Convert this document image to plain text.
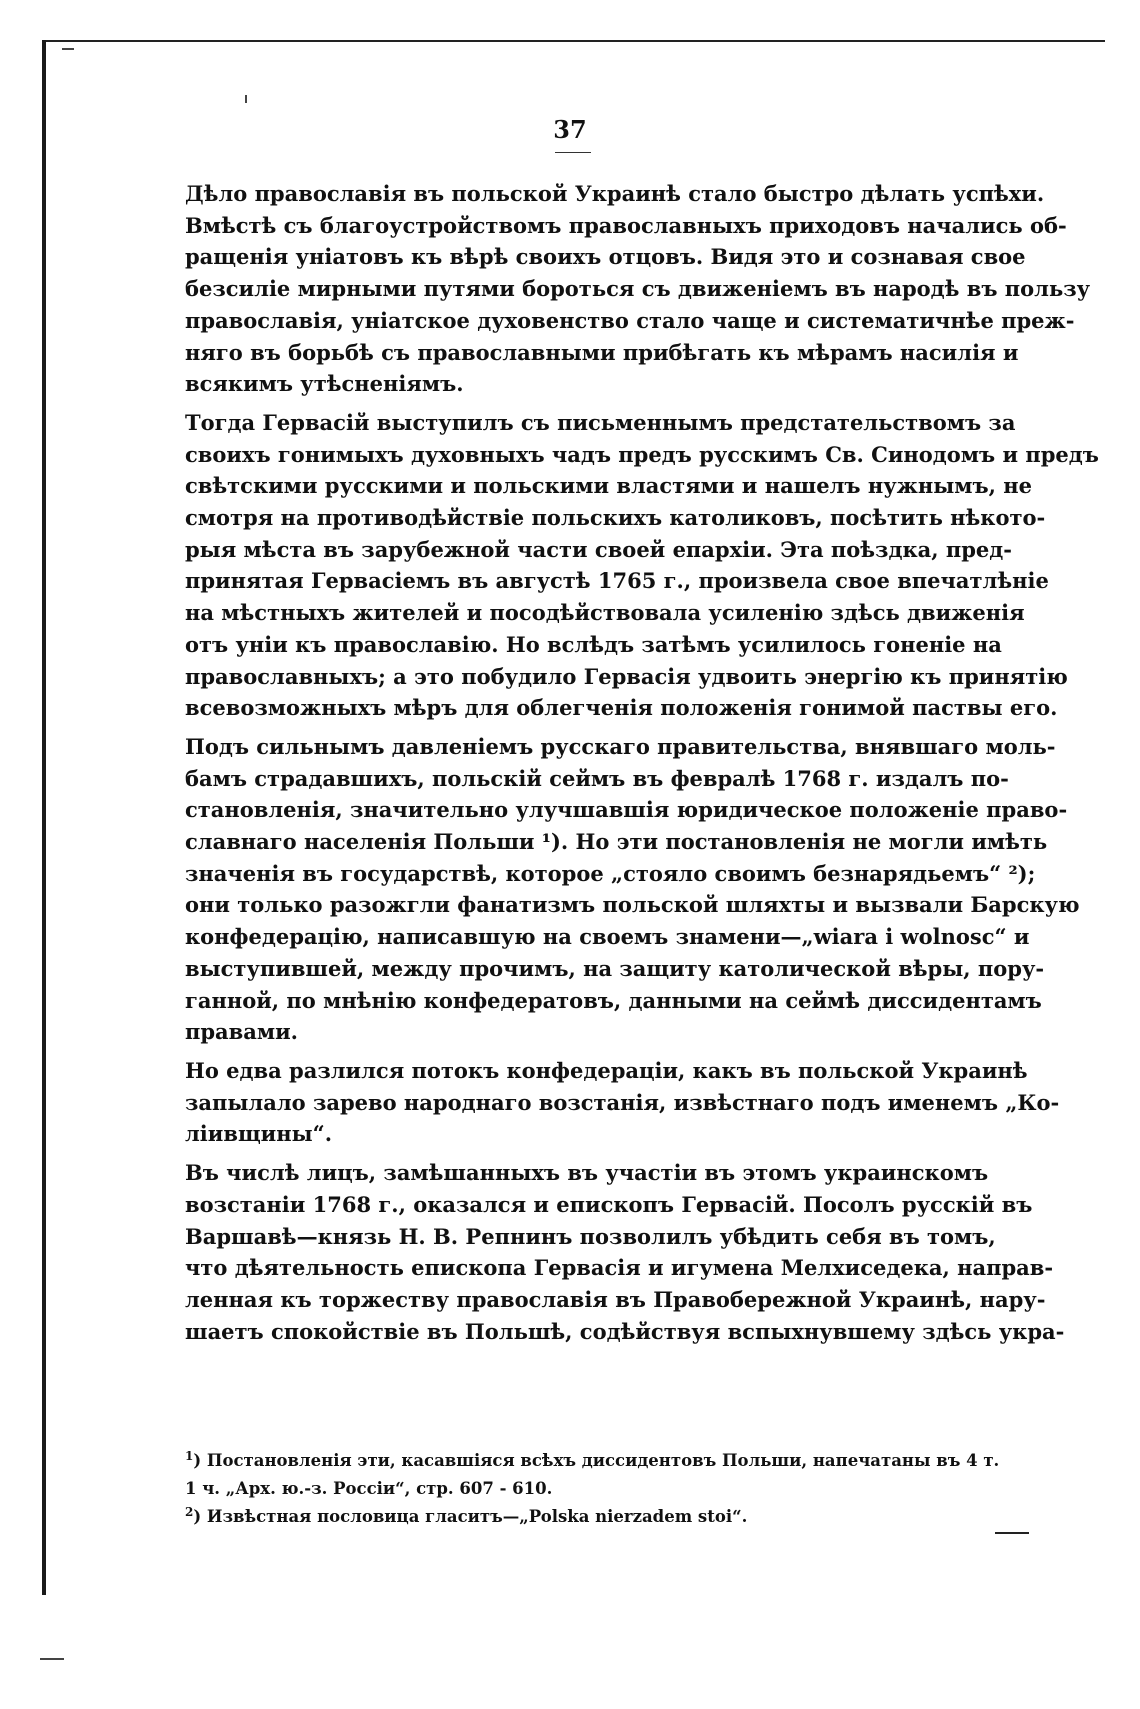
37
Дѣло православія въ польской Украинѣ стало быстро дѣлать успѣхи.
Вмѣстѣ съ благоустройствомъ православныхъ приходовъ начались об-
ращенія уніатовъ къ вѣрѣ своихъ отцовъ. Видя это и сознавая свое
безсиліе мирными путями бороться съ движеніемъ въ народѣ въ пользу
православія, уніатское духовенство стало чаще и систематичнѣе преж-
няго въ борьбѣ съ православными прибѣгать къ мѣрамъ насилія и
всякимъ утѣсненіямъ.
Тогда Гервасій выступилъ съ письменнымъ предстательствомъ за
своихъ гонимыхъ духовныхъ чадъ предъ русскимъ Св. Синодомъ и предъ
свѣтскими русскими и польскими властями и нашелъ нужнымъ, не
смотря на противодѣйствіе польскихъ католиковъ, посѣтить нѣкото-
рыя мѣста въ зарубежной части своей епархіи. Эта поѣздка, пред-
принятая Гервасіемъ въ августѣ 1765 г., произвела свое впечатлѣніе
на мѣстныхъ жителей и посодѣйствовала усиленію здѣсь движенія
отъ уніи къ православію. Но вслѣдъ затѣмъ усилилось гоненіе на
православныхъ; а это побудило Гервасія удвоить энергію къ принятію
всевозможныхъ мѣръ для облегченія положенія гонимой паствы его.
Подъ сильнымъ давленіемъ русскаго правительства, внявшаго моль-
бамъ страдавшихъ, польскій сеймъ въ февралѣ 1768 г. издалъ по-
становленія, значительно улучшавшія юридическое положеніе право-
славнаго населенія Польши ¹). Но эти постановленія не могли имѣть
значенія въ государствѣ, которое „стояло своимъ безнарядьемъ“ ²);
они только разожгли фанатизмъ польской шляхты и вызвали Барскую
конфедерацію, написавшую на своемъ знамени—„wiara i wolnosc“ и
выступившей, между прочимъ, на защиту католической вѣры, пору-
ганной, по мнѣнію конфедератовъ, данными на сеймѣ диссидентамъ
правами.
Но едва разлился потокъ конфедераціи, какъ въ польской Украинѣ
запылало зарево народнаго возстанія, извѣстнаго подъ именемъ „Ко-
ліивщины“.
Въ числѣ лицъ, замѣшанныхъ въ участіи въ этомъ украинскомъ
возстаніи 1768 г., оказался и епископъ Гервасій. Посолъ русскій въ
Варшавѣ—князь Н. В. Репнинъ позволилъ убѣдить себя въ томъ,
что дѣятельность епископа Гервасія и игумена Мелхиседека, направ-
ленная къ торжеству православія въ Правобережной Украинѣ, нару-
шаетъ спокойствіе въ Польшѣ, содѣйствуя вспыхнувшему здѣсь укра-
$^1$) Постановленія эти, касавшіяся всѣхъ диссидентовъ Польши, напечатаны въ 4 т.
1 ч. „Арх. ю.-з. Россіи“, стр. 607 - 610.
$^2$) Извѣстная пословица гласитъ—„Polska nierzadem stoi“.
